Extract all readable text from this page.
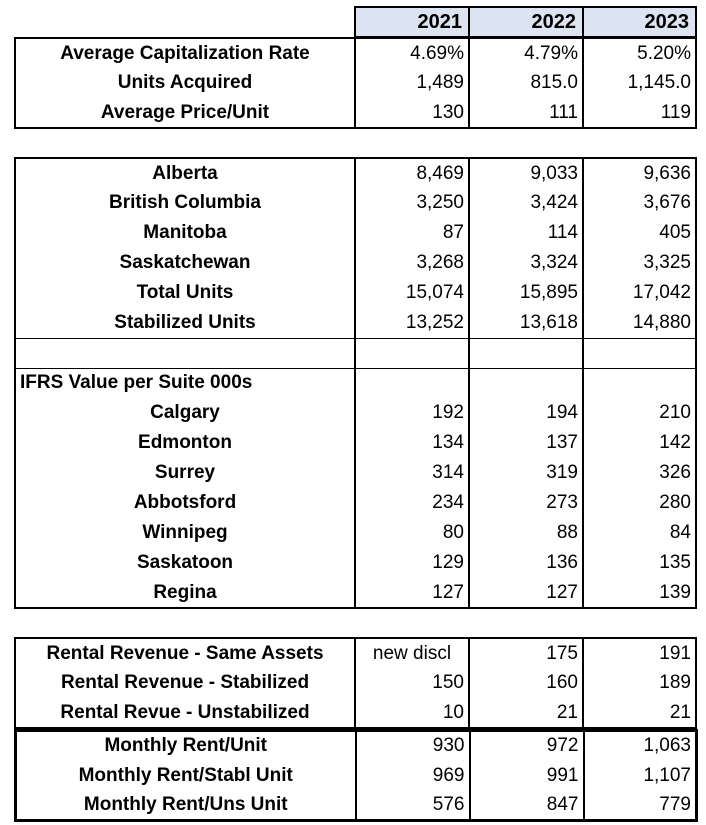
2021	2022	2023
Average Capitalization Rate	4.69%	4.79%	5.20%
Units Acquired	1,489	815.0	1,145.0
Average Price/Unit	130	111	119
Alberta	8,469	9,033	9,636
British Columbia	3,250	3,424	3,676
Manitoba	87	114	405
Saskatchewan	3,268	3,324	3,325
Total Units	15,074	15,895	17,042
Stabilized Units	13,252	13,618	14,880

IFRS Value per Suite 000s			
Calgary	192	194	210
Edmonton	134	137	142
Surrey	314	319	326
Abbotsford	234	273	280
Winnipeg	80	88	84
Saskatoon	129	136	135
Regina	127	127	139
Rental Revenue - Same Assets	new discl	175	191
Rental Revenue - Stabilized	150	160	189
Rental Revue - Unstabilized	10	21	21
Monthly Rent/Unit	930	972	1,063
Monthly Rent/Stabl Unit	969	991	1,107
Monthly Rent/Uns Unit	576	847	779
